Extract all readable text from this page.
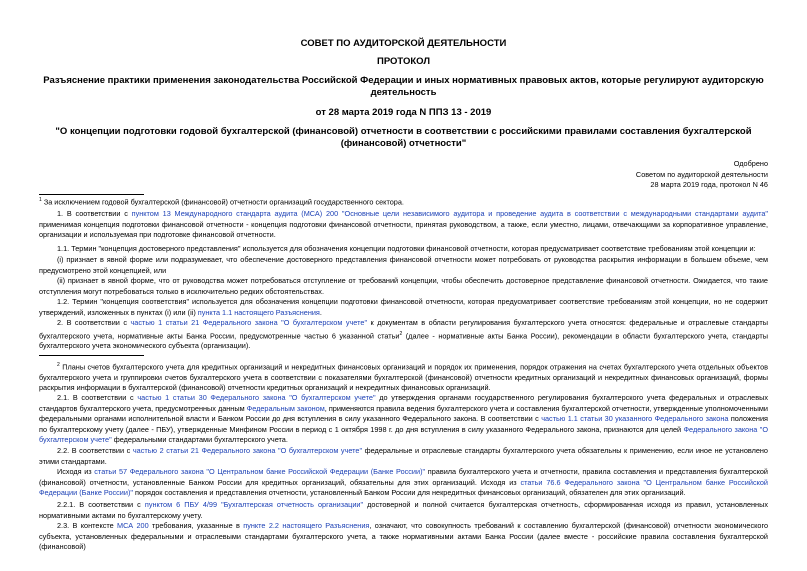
СОВЕТ ПО АУДИТОРСКОЙ ДЕЯТЕЛЬНОСТИ
ПРОТОКОЛ
Разъяснение практики применения законодательства Российской Федерации и иных нормативных правовых актов, которые регулируют аудиторскую деятельность
от 28 марта 2019 года N ППЗ 13 - 2019
"О концепции подготовки годовой бухгалтерской (финансовой) отчетности в соответствии с российскими правилами составления бухгалтерской (финансовой) отчетности"
Одобрено
Советом по аудиторской деятельности
28 марта 2019 года, протокол N 46
$^1$ За исключением годовой бухгалтерской (финансовой) отчетности организаций государственного сектора.
1. В соответствии с пунктом 13 Международного стандарта аудита (МСА) 200 "Основные цели независимого аудитора и проведение аудита в соответствии с международными стандартами аудита" применимая концепция подготовки финансовой отчетности - концепция подготовки финансовой отчетности, принятая руководством, а также, если уместно, лицами, отвечающими за корпоративное управление, организации и используемая при подготовке финансовой отчетности.
1.1. Термин "концепция достоверного представления" используется для обозначения концепции подготовки финансовой отчетности, которая предусматривает соответствие требованиям этой концепции и:
(i) признает в явной форме или подразумевает, что обеспечение достоверного представления финансовой отчетности может потребовать от руководства раскрытия информации в большем объеме, чем предусмотрено этой концепцией, или
(ii) признает в явной форме, что от руководства может потребоваться отступление от требований концепции, чтобы обеспечить достоверное представление финансовой отчетности. Ожидается, что такие отступления могут потребоваться только в исключительно редких обстоятельствах.
1.2. Термин "концепция соответствия" используется для обозначения концепции подготовки финансовой отчетности, которая предусматривает соответствие требованиям этой концепции, но не содержит утверждений, изложенных в пунктах (i) или (ii) пункта 1.1 настоящего Разъяснения.
2. В соответствии с частью 1 статьи 21 Федерального закона "О бухгалтерском учете" к документам в области регулирования бухгалтерского учета относятся: федеральные и отраслевые стандарты бухгалтерского учета, нормативные акты Банка России, предусмотренные частью 6 указанной статьи$^2$ (далее - нормативные акты Банка России), рекомендации в области бухгалтерского учета, стандарты бухгалтерского учета экономического субъекта (организации).
$^2$ Планы счетов бухгалтерского учета для кредитных организаций и некредитных финансовых организаций и порядок их применения, порядок отражения на счетах бухгалтерского учета отдельных объектов бухгалтерского учета и группировки счетов бухгалтерского учета в соответствии с показателями бухгалтерской (финансовой) отчетности кредитных организаций и некредитных финансовых организаций, формы раскрытия информации в бухгалтерской (финансовой) отчетности кредитных организаций и некредитных финансовых организаций.
2.1. В соответствии с частью 1 статьи 30 Федерального закона "О бухгалтерском учете" до утверждения органами государственного регулирования бухгалтерского учета федеральных и отраслевых стандартов бухгалтерского учета, предусмотренных данным Федеральным законом, применяются правила ведения бухгалтерского учета и составления бухгалтерской отчетности, утвержденные уполномоченными федеральными органами исполнительной власти и Банком России до дня вступления в силу указанного Федерального закона. В соответствии с частью 1.1 статьи 30 указанного Федерального закона положения по бухгалтерскому учету (далее - ПБУ), утвержденные Минфином России в период с 1 октября 1998 г. до дня вступления в силу указанного Федерального закона, признаются для целей Федерального закона "О бухгалтерском учете" федеральными стандартами бухгалтерского учета.
2.2. В соответствии с частью 2 статьи 21 Федерального закона "О бухгалтерском учете" федеральные и отраслевые стандарты бухгалтерского учета обязательны к применению, если иное не установлено этими стандартами.
Исходя из статьи 57 Федерального закона "О Центральном банке Российской Федерации (Банке России)" правила бухгалтерского учета и отчетности, правила составления и представления бухгалтерской (финансовой) отчетности, установленные Банком России для кредитных организаций, обязательны для этих организаций. Исходя из статьи 76.6 Федерального закона "О Центральном банке Российской Федерации (Банке России)" порядок составления и представления отчетности, установленный Банком России для некредитных финансовых организаций, обязателен для этих организаций.
2.2.1. В соответствии с пунктом 6 ПБУ 4/99 "Бухгалтерская отчетность организации" достоверной и полной считается бухгалтерская отчетность, сформированная исходя из правил, установленных нормативными актами по бухгалтерскому учету.
2.3. В контексте МСА 200 требования, указанные в пункте 2.2 настоящего Разъяснения, означают, что совокупность требований к составлению бухгалтерской (финансовой) отчетности экономического субъекта, установленных федеральными и отраслевыми стандартами бухгалтерского учета, а также нормативными актами Банка России (далее вместе - российские правила составления бухгалтерской (финансовой)
